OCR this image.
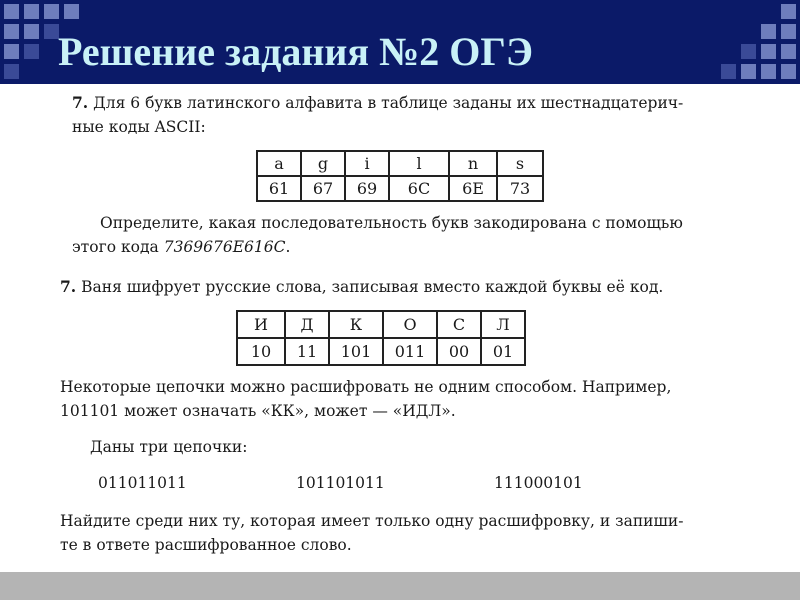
Решение задания №2 ОГЭ
7. Для 6 букв латинского алфавита в таблице заданы их шестнадцатерич-
ные коды ASCII:
a	g	i	l	n	s
61	67	69	6C	6E	73
Определите, какая последовательность букв закодирована с помощью
этого кода 7369676E616C.
7. Ваня шифрует русские слова, записывая вместо каждой буквы её код.
И	Д	К	О	С	Л
10	11	101	011	00	01
Некоторые цепочки можно расшифровать не одним способом. Например,
101101 может означать «КК», может — «ИДЛ».
Даны три цепочки:
011011011	101101011	111000101
Найдите среди них ту, которая имеет только одну расшифровку, и запиши-
те в ответе расшифрованное слово.
